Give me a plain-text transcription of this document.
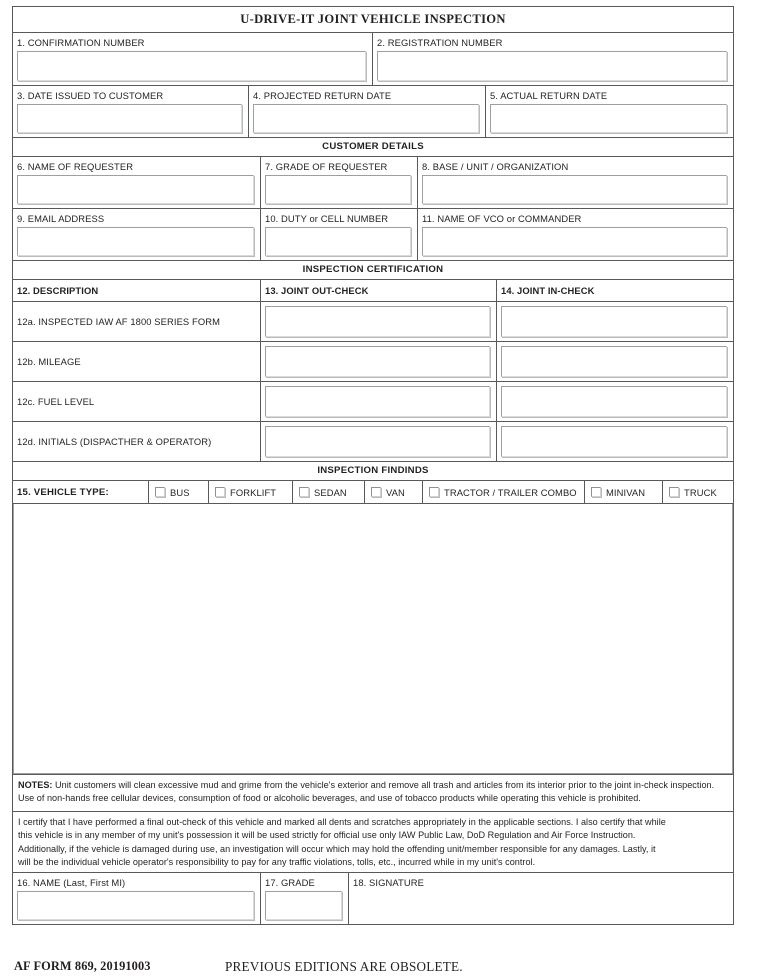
U-DRIVE-IT JOINT VEHICLE INSPECTION
1. CONFIRMATION NUMBER	2. REGISTRATION NUMBER
3. DATE ISSUED TO CUSTOMER	4. PROJECTED RETURN DATE	5. ACTUAL RETURN DATE
CUSTOMER DETAILS
6. NAME OF REQUESTER	7. GRADE OF REQUESTER	8. BASE / UNIT / ORGANIZATION
9. EMAIL ADDRESS	10. DUTY or CELL NUMBER	11. NAME OF VCO or COMMANDER
INSPECTION CERTIFICATION
12. DESCRIPTION	13. JOINT OUT-CHECK	14. JOINT IN-CHECK
12a. INSPECTED IAW AF 1800 SERIES FORM
12b. MILEAGE
12c. FUEL LEVEL
12d. INITIALS (DISPACTHER & OPERATOR)
INSPECTION FINDINDS
15. VEHICLE TYPE:	BUS	FORKLIFT	SEDAN	VAN	TRACTOR / TRAILER COMBO	MINIVAN	TRUCK

NOTES: Unit customers will clean excessive mud and grime from the vehicle's exterior and remove all trash and articles from its interior prior to the joint in-check inspection.

Use of non-hands free cellular devices, consumption of food or alcoholic beverages, and use of tobacco products while operating this vehicle is prohibited.

I certify that I have performed a final out-check of this vehicle and marked all dents and scratches appropriately in the applicable sections. I also certify that while

this vehicle is in any member of my unit's possession it will be used strictly for official use only IAW Public Law, DoD Regulation and Air Force Instruction.

Additionally, if the vehicle is damaged during use, an investigation will occur which may hold the offending unit/member responsible for any damages. Lastly, it

will be the individual vehicle operator's responsibility to pay for any traffic violations, tolls, etc., incurred while in my unit's control.

16. NAME (Last, First MI)	17. GRADE	18. SIGNATURE
AF FORM 869, 20191003	PREVIOUS EDITIONS ARE OBSOLETE.
